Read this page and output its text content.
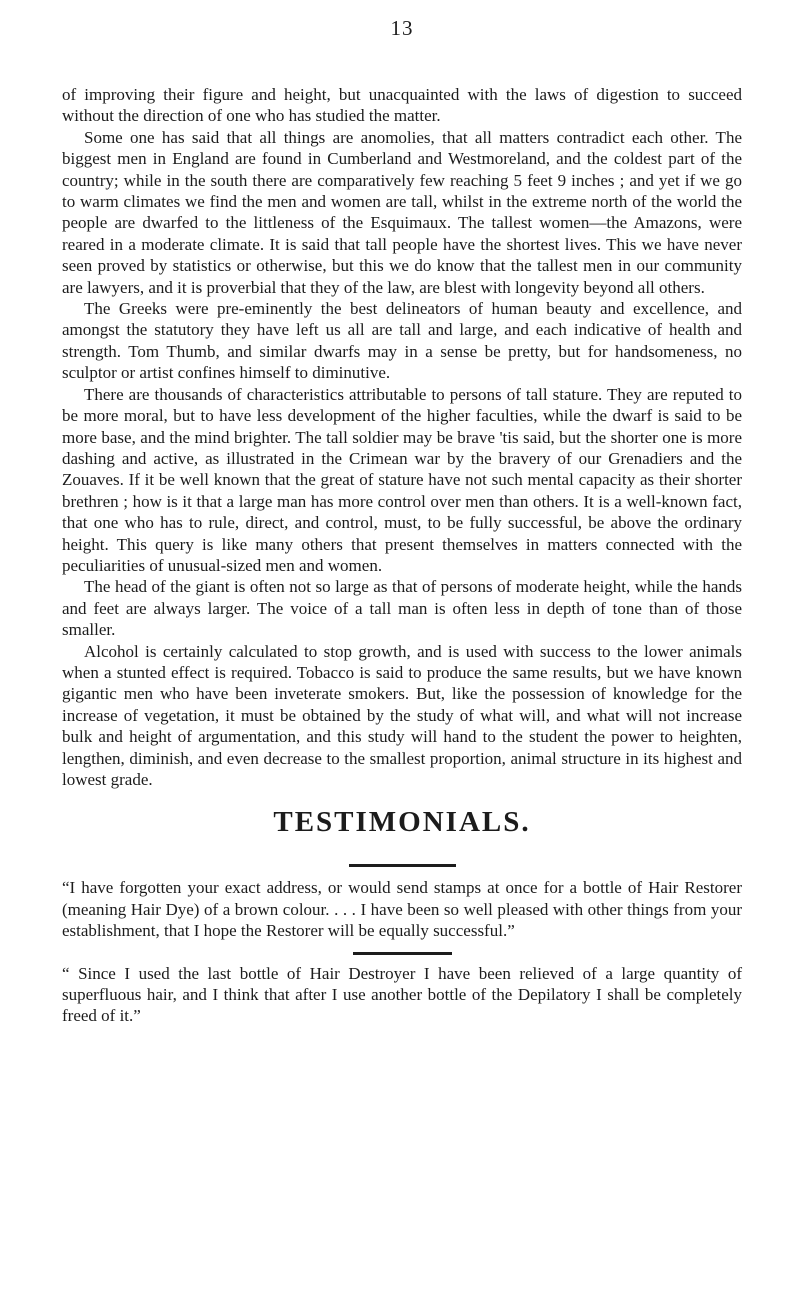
13

of improving their figure and height, but unacquainted with the laws of digestion to succeed without the direction of one who has studied the matter.

Some one has said that all things are anomolies, that all matters contradict each other. The biggest men in England are found in Cumberland and Westmoreland, and the coldest part of the country; while in the south there are comparatively few reaching 5 feet 9 inches ; and yet if we go to warm climates we find the men and women are tall, whilst in the extreme north of the world the people are dwarfed to the littleness of the Esquimaux. The tallest women—the Amazons, were reared in a moderate climate. It is said that tall people have the shortest lives. This we have never seen proved by statistics or otherwise, but this we do know that the tallest men in our community are lawyers, and it is proverbial that they of the law, are blest with longevity beyond all others.

The Greeks were pre-eminently the best delineators of human beauty and excellence, and amongst the statutory they have left us all are tall and large, and each indicative of health and strength. Tom Thumb, and similar dwarfs may in a sense be pretty, but for handsomeness, no sculptor or artist confines himself to diminutive.

There are thousands of characteristics attributable to persons of tall stature. They are reputed to be more moral, but to have less development of the higher faculties, while the dwarf is said to be more base, and the mind brighter. The tall soldier may be brave 'tis said, but the shorter one is more dashing and active, as illustrated in the Crimean war by the bravery of our Grenadiers and the Zouaves. If it be well known that the great of stature have not such mental capacity as their shorter brethren ; how is it that a large man has more control over men than others. It is a well-known fact, that one who has to rule, direct, and control, must, to be fully successful, be above the ordinary height. This query is like many others that present themselves in matters connected with the peculiarities of unusual-sized men and women.

The head of the giant is often not so large as that of persons of moderate height, while the hands and feet are always larger. The voice of a tall man is often less in depth of tone than of those smaller.

Alcohol is certainly calculated to stop growth, and is used with success to the lower animals when a stunted effect is required. Tobacco is said to produce the same results, but we have known gigantic men who have been inveterate smokers. But, like the possession of knowledge for the increase of vegetation, it must be obtained by the study of what will, and what will not increase bulk and height of argumentation, and this study will hand to the student the power to heighten, lengthen, diminish, and even decrease to the smallest proportion, animal structure in its highest and lowest grade.

TESTIMONIALS.

“I have forgotten your exact address, or would send stamps at once for a bottle of Hair Restorer (meaning Hair Dye) of a brown colour. . . . I have been so well pleased with other things from your establishment, that I hope the Restorer will be equally successful.”

“ Since I used the last bottle of Hair Destroyer I have been relieved of a large quantity of superfluous hair, and I think that after I use another bottle of the Depilatory I shall be completely freed of it.”
